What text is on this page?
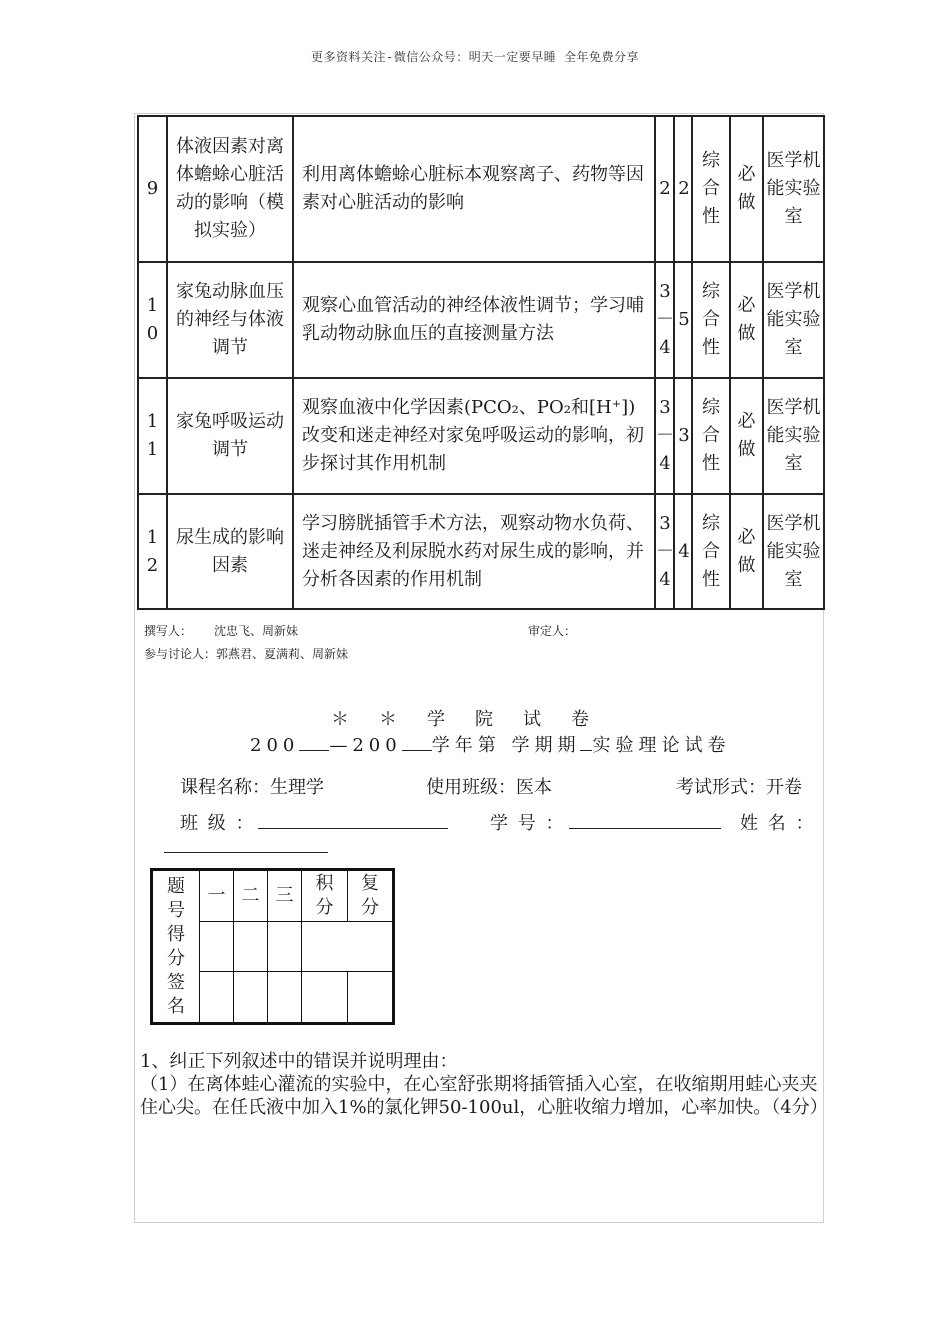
更多资料关注-微信公众号：明天一定要早睡 全年免费分享
9	体液因素对离体蟾蜍心脏活动的影响（模拟实验）	利用离体蟾蜍心脏标本观察离子、药物等因素对心脏活动的影响	2	2	综合性	必做	医学机能实验室

10	家兔动脉血压的神经与体液调节	观察心血管活动的神经体液性调节；学习哺乳动物动脉血压的直接测量方法	3－4	5	综合性	必做	医学机能实验室

11	家兔呼吸运动调节	观察血液中化学因素(PCO₂、PO₂和[H⁺])改变和迷走神经对家兔呼吸运动的影响，初步探讨其作用机制	3－4	3	综合性	必做	医学机能实验室

12	尿生成的影响因素	学习膀胱插管手术方法，观察动物水负荷、迷走神经及利尿脱水药对尿生成的影响，并分析各因素的作用机制	3－4	4	综合性	必做	医学机能实验室
撰写人： 沈忠飞、周新妹	审定人：
参与讨论人： 郭燕君、夏满莉、周新妹
＊＊学院试卷
200 —200 学年第 学期期 实验理论试卷
课程名称：生理学	使用班级：医本	考试形式：开卷
班 级 ：	学 号 ：	姓 名 ：
题号得分签名	一	二	三	积分	复分

1、纠正下列叙述中的错误并说明理由：
（1）在离体蛙心灌流的实验中，在心室舒张期将插管插入心室，在收缩期用蛙心夹夹住心尖。在任氏液中加入1%的氯化钾50-100ul，心脏收缩力增加，心率加快。（4分）
